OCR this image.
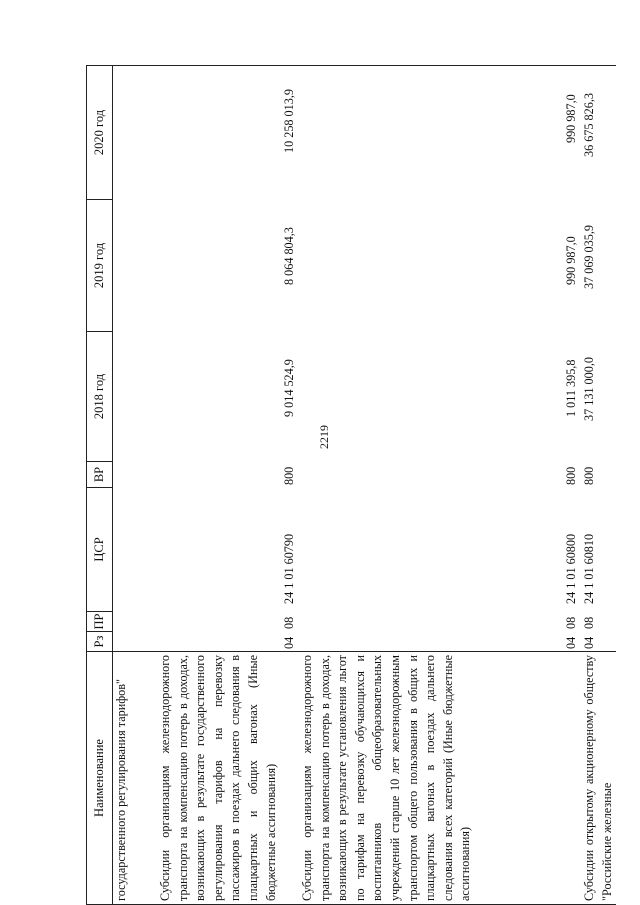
2219
Наименование
Рз
ПР
ЦСР
ВР
2018 год
2019 год
2020 год
государственного регулирования тарифов" Субсидии организациям железнодорожного транспорта на компенсацию потерь в доходах, возникающих в результате государственного регулирования тарифов на перевозку пассажиров в поездах дальнего следования в плацкартных и общих вагонах (Иные бюджетные ассигнования)
04
08
24 1 01 60790
800
9 014 524,9
8 064 804,3
10 258 013,9
Субсидии организациям железнодорожного транспорта на компенсацию потерь в доходах, возникающих в результате установления льгот по тарифам на перевозку обучающихся и воспитанников общеобразовательных учреждений старше 10 лет железнодорожным транспортом общего пользования в общих и плацкартных вагонах в поездах дальнего следования всех категорий (Иные бюджетные ассигнования)
04
08
24 1 01 60800
800
1 011 395,8
990 987,0
990 987,0
Субсидии открытому акционерному обществу "Российские железные
04
08
24 1 01 60810
800
37 131 000,0
37 069 035,9
36 675 826,3
